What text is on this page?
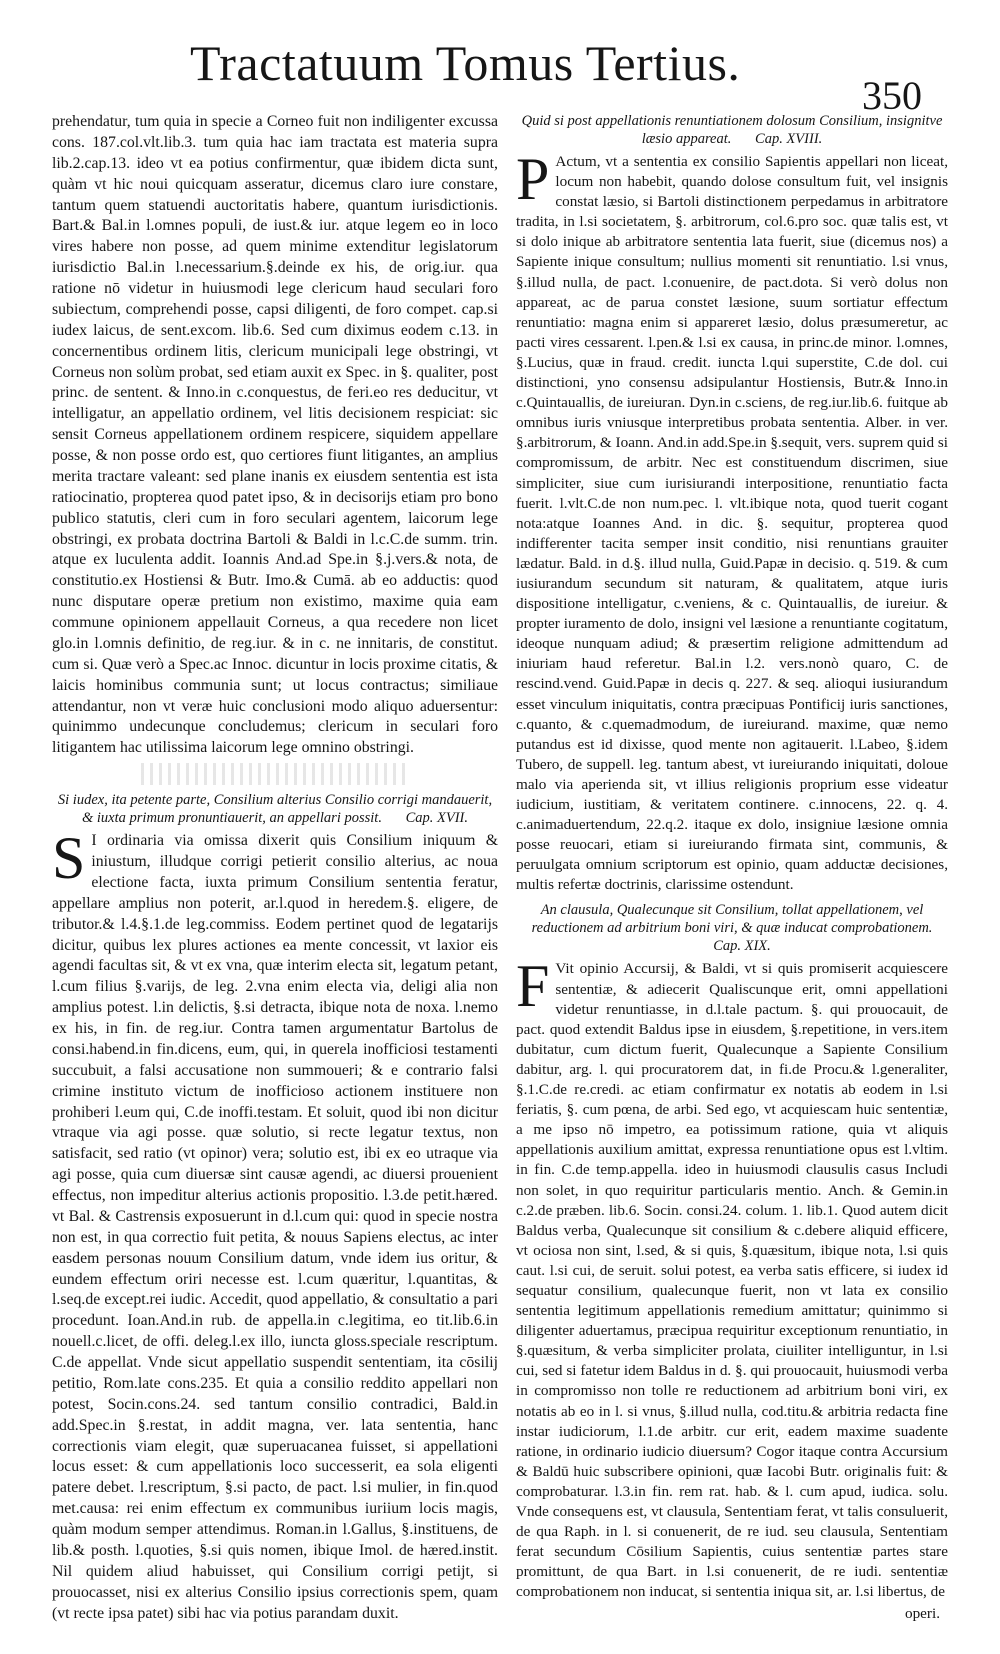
Tractatuum Tomus Tertius.
350

prehendatur, tum quia in specie a Corneo fuit non indiligenter excussa cons. 187.col.vlt.lib.3. tum quia hac iam tractata est materia supra lib.2.cap.13. ideo vt ea potius confirmentur, quæ ibidem dicta sunt, quàm vt hic noui quicquam asseratur, dicemus claro iure constare, tantum quem statuendi auctoritatis habere, quantum iurisdictionis. Bart.& Bal.in l.omnes populi, de iust.& iur. atque legem eo in loco vires habere non posse, ad quem minime extenditur legislatorum iurisdictio Bal.in l.necessarium.§.deinde ex his, de orig.iur. qua ratione nō videtur in huiusmodi lege clericum haud seculari foro subiectum, comprehendi posse, capsi diligenti, de foro compet. cap.si iudex laicus, de sent.excom. lib.6. Sed cum diximus eodem c.13. in concernentibus ordinem litis, clericum municipali lege obstringi, vt Corneus non solùm probat, sed etiam auxit ex Spec. in §. qualiter, post princ. de sentent. & Inno.in c.conquestus, de feri.eo res deducitur, vt intelligatur, an appellatio ordinem, vel litis decisionem respiciat: sic sensit Corneus appellationem ordinem respicere, siquidem appellare posse, & non posse ordo est, quo certiores fiunt litigantes, an amplius merita tractare valeant: sed plane inanis ex eiusdem sententia est ista ratiocinatio, propterea quod patet ipso, & in decisorijs etiam pro bono publico statutis, cleri cum in foro seculari agentem, laicorum lege obstringi, ex probata doctrina Bartoli & Baldi in l.c.C.de summ. trin. atque ex luculenta addit. Ioannis And.ad Spe.in §.j.vers.& nota, de constitutio.ex Hostiensi & Butr. Imo.& Cumā. ab eo adductis: quod nunc disputare operæ pretium non existimo, maxime quia eam commune opinionem appellauit Corneus, a qua recedere non licet glo.in l.omnis definitio, de reg.iur. & in c. ne innitaris, de constitut. cum si. Quæ verò a Spec.ac Innoc. dicuntur in locis proxime citatis, & laicis hominibus communia sunt; ut locus contractus; similiaue attendantur, non vt veræ huic conclusioni modo aliquo aduersentur: quinimmo undecunque concludemus; clericum in seculari foro litigantem hac utilissima laicorum lege omnino obstringi.

Si iudex, ita petente parte, Consilium alterius Consilio corrigi mandauerit, & iuxta primum pronuntiauerit, an appellari possit. Cap. XVII.
S I ordinaria via omissa dixerit quis Consilium iniquum & iniustum, illudque corrigi petierit consilio alterius, ac noua electione facta, iuxta primum Consilium sententia feratur, appellare amplius non poterit, ar.l.quod in heredem.§. eligere, de tributor.& l.4.§.1.de leg.commiss. Eodem pertinet quod de legatarijs dicitur, quibus lex plures actiones ea mente concessit, vt laxior eis agendi facultas sit, & vt ex vna, quæ interim electa sit, legatum petant, l.cum filius §.varijs, de leg. 2.vna enim electa via, deligi alia non amplius potest. l.in delictis, §.si detracta, ibique nota de noxa. l.nemo ex his, in fin. de reg.iur. Contra tamen argumentatur Bartolus de consi.habend.in fin.dicens, eum, qui, in querela inofficiosi testamenti succubuit, a falsi accusatione non summoueri; & e contrario falsi crimine instituto victum de inofficioso actionem instituere non prohiberi l.eum qui, C.de inoffi.testam. Et soluit, quod ibi non dicitur vtraque via agi posse. quæ solutio, si recte legatur textus, non satisfacit, sed ratio (vt opinor) vera; solutio est, ibi ex eo utraque via agi posse, quia cum diuersæ sint causæ agendi, ac diuersi prouenient effectus, non impeditur alterius actionis propositio. l.3.de petit.hæred. vt Bal. & Castrensis exposuerunt in d.l.cum qui: quod in specie nostra non est, in qua correctio fuit petita, & nouus Sapiens electus, ac inter easdem personas nouum Consilium datum, vnde idem ius oritur, & eundem effectum oriri necesse est. l.cum quæritur, l.quantitas, & l.seq.de except.rei iudic. Accedit, quod appellatio, & consultatio a pari procedunt. Ioan.And.in rub. de appella.in c.legitima, eo tit.lib.6.in nouell.c.licet, de offi. deleg.l.ex illo, iuncta gloss.speciale rescriptum. C.de appellat. Vnde sicut appellatio suspendit sententiam, ita cōsilij petitio, Rom.late cons.235. Et quia a consilio reddito appellari non potest, Socin.cons.24. sed tantum consilio contradici, Bald.in add.Spec.in §.restat, in addit magna, ver. lata sententia, hanc correctionis viam elegit, quæ superuacanea fuisset, si appellationi locus esset: & cum appellationis loco successerit, ea sola eligenti patere debet. l.rescriptum, §.si pacto, de pact. l.si mulier, in fin.quod met.causa: rei enim effectum ex communibus iuriium locis magis, quàm modum semper attendimus. Roman.in l.Gallus, §.instituens, de lib.& posth. l.quoties, §.si quis nomen, ibique Imol. de hæred.instit. Nil quidem aliud habuisset, qui Consilium corrigi petijt, si prouocasset, nisi ex alterius Consilio ipsius correctionis spem, quam (vt recte ipsa patet) sibi hac via potius parandam duxit.
Quid si post appellationis renuntiationem dolosum Consilium, insignitve læsio appareat. Cap. XVIII.
P Actum, vt a sententia ex consilio Sapientis appellari non liceat, locum non habebit, quando dolose consultum fuit, vel insignis constat læsio, si Bartoli distinctionem perpedamus in arbitratore tradita, in l.si societatem, §. arbitrorum, col.6.pro soc. quæ talis est, vt si dolo inique ab arbitratore sententia lata fuerit, siue (dicemus nos) a Sapiente inique consultum; nullius momenti sit renuntiatio. l.si vnus, §.illud nulla, de pact. l.conuenire, de pact.dota. Si verò dolus non appareat, ac de parua constet læsione, suum sortiatur effectum renuntiatio: magna enim si appareret læsio, dolus præsumeretur, ac pacti vires cessarent. l.pen.& l.si ex causa, in princ.de minor. l.omnes, §.Lucius, quæ in fraud. credit. iuncta l.qui superstite, C.de dol. cui distinctioni, yno consensu adsipulantur Hostiensis, Butr.& Inno.in c.Quintauallis, de iureiuran. Dyn.in c.sciens, de reg.iur.lib.6. fuitque ab omnibus iuris vniusque interpretibus probata sententia. Alber. in ver. §.arbitrorum, & Ioann. And.in add.Spe.in §.sequit, vers. suprem quid si compromissum, de arbitr. Nec est constituendum discrimen, siue simpliciter, siue cum iurisiurandi interpositione, renuntiatio facta fuerit. l.vlt.C.de non num.pec. l. vlt.ibique nota, quod tuerit cogant nota:atque Ioannes And. in dic. §. sequitur, propterea quod indifferenter tacita semper insit conditio, nisi renuntians grauiter lædatur. Bald. in d.§. illud nulla, Guid.Papæ in decisio. q. 519. & cum iusiurandum secundum sit naturam, & qualitatem, atque iuris dispositione intelligatur, c.veniens, & c. Quintauallis, de iureiur. & propter iuramento de dolo, insigni vel læsione a renuntiante cogitatum, ideoque nunquam adiud; & præsertim religione admittendum ad iniuriam haud referetur. Bal.in l.2. vers.nonò quaro, C. de rescind.vend. Guid.Papæ in decis q. 227. & seq. alioqui iusiurandum esset vinculum iniquitatis, contra præcipuas Pontificij iuris sanctiones, c.quanto, & c.quemadmodum, de iureiurand. maxime, quæ nemo putandus est id dixisse, quod mente non agitauerit. l.Labeo, §.idem Tubero, de suppell. leg. tantum abest, vt iureiurando iniquitati, doloue malo via aperienda sit, vt illius religionis proprium esse videatur iudicium, iustitiam, & veritatem continere. c.innocens, 22. q. 4. c.animaduertendum, 22.q.2. itaque ex dolo, insigniue læsione omnia posse reuocari, etiam si iureiurando firmata sint, communis, & peruulgata omnium scriptorum est opinio, quam adductæ decisiones, multis refertæ doctrinis, clarissime ostendunt.
An clausula, Qualecunque sit Consilium, tollat appellationem, vel reductionem ad arbitrium boni viri, & quæ inducat comprobationem. Cap. XIX.
F Vit opinio Accursij, & Baldi, vt si quis promiserit acquiescere sententiæ, & adiecerit Qualiscunque erit, omni appellationi videtur renuntiasse, in d.l.tale pactum. §. qui prouocauit, de pact. quod extendit Baldus ipse in eiusdem, §.repetitione, in vers.item dubitatur, cum dictum fuerit, Qualecunque a Sapiente Consilium dabitur, arg. l. qui procuratorem dat, in fi.de Procu.& l.generaliter, §.1.C.de re.credi. ac etiam confirmatur ex notatis ab eodem in l.si feriatis, §. cum pœna, de arbi. Sed ego, vt acquiescam huic sententiæ, a me ipso nō impetro, ea potissimum ratione, quia vt aliquis appellationis auxilium amittat, expressa renuntiatione opus est l.vltim. in fin. C.de temp.appella. ideo in huiusmodi clausulis casus Includi non solet, in quo requiritur particularis mentio. Anch. & Gemin.in c.2.de præben. lib.6. Socin. consi.24. colum. 1. lib.1. Quod autem dicit Baldus verba, Qualecunque sit consilium & c.debere aliquid efficere, vt ociosa non sint, l.sed, & si quis, §.quæsitum, ibique nota, l.si quis caut. l.si cui, de seruit. solui potest, ea verba satis efficere, si iudex id sequatur consilium, qualecunque fuerit, non vt lata ex consilio sententia legitimum appellationis remedium amittatur; quinimmo si diligenter aduertamus, præcipua requiritur exceptionum renuntiatio, in §.quæsitum, & verba simpliciter prolata, ciuiliter intelliguntur, in l.si cui, sed si fatetur idem Baldus in d. §. qui prouocauit, huiusmodi verba in compromisso non tolle re reductionem ad arbitrium boni viri, ex notatis ab eo in l. si vnus, §.illud nulla, cod.titu.& arbitria redacta fine instar iudiciorum, l.1.de arbitr. cur erit, eadem maxime suadente ratione, in ordinario iudicio diuersum? Cogor itaque contra Accursium & Baldū huic subscribere opinioni, quæ Iacobi Butr. originalis fuit: & comprobaturar. l.3.in fin. rem rat. hab. & l. cum apud, iudica. solu. Vnde consequens est, vt clausula, Sententiam ferat, vt talis consuluerit, de qua Raph. in l. si conuenerit, de re iud. seu clausula, Sententiam ferat secundum Cōsilium Sapientis, cuius sententiæ partes stare promittunt, de qua Bart. in l.si conuenerit, de re iudi. sententiæ comprobationem non inducat, si sententia iniqua sit, ar. l.si libertus, de
operi.
